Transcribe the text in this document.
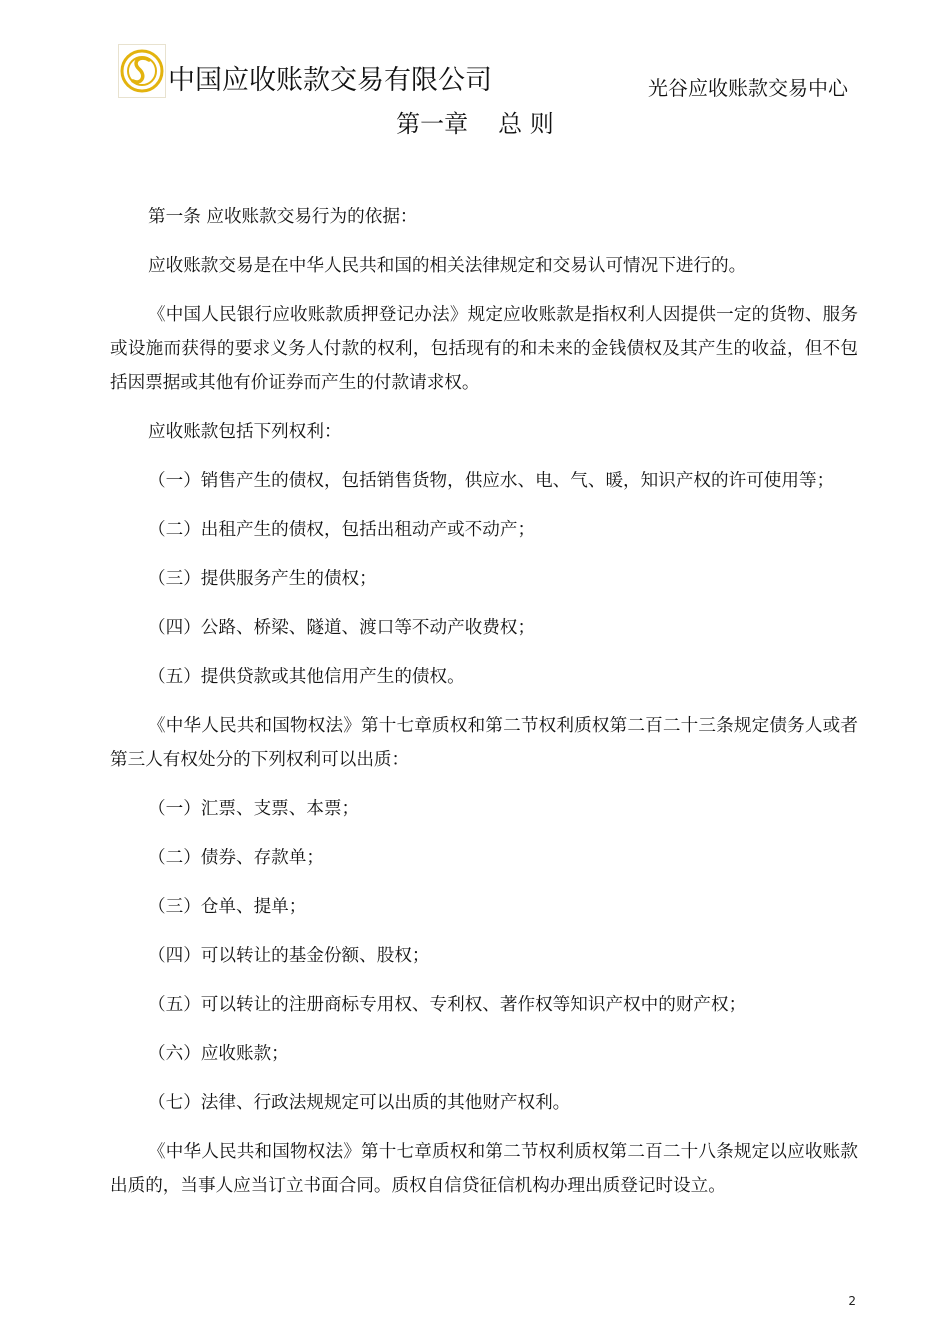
中国应收账款交易有限公司	光谷应收账款交易中心
第一章 总 则

第一条 应收账款交易行为的依据：

应收账款交易是在中华人民共和国的相关法律规定和交易认可情况下进行的。

《中国人民银行应收账款质押登记办法》规定应收账款是指权利人因提供一定的货物、服务或设施而获得的要求义务人付款的权利，包括现有的和未来的金钱债权及其产生的收益，但不包括因票据或其他有价证券而产生的付款请求权。

应收账款包括下列权利：

（一）销售产生的债权，包括销售货物，供应水、电、气、暖，知识产权的许可使用等；

（二）出租产生的债权，包括出租动产或不动产；

（三）提供服务产生的债权；

（四）公路、桥梁、隧道、渡口等不动产收费权；

（五）提供贷款或其他信用产生的债权。

《中华人民共和国物权法》第十七章质权和第二节权利质权第二百二十三条规定债务人或者第三人有权处分的下列权利可以出质：

（一）汇票、支票、本票；

（二）债券、存款单；

（三）仓单、提单；

（四）可以转让的基金份额、股权；

（五）可以转让的注册商标专用权、专利权、著作权等知识产权中的财产权；

（六）应收账款；

（七）法律、行政法规规定可以出质的其他财产权利。

《中华人民共和国物权法》第十七章质权和第二节权利质权第二百二十八条规定以应收账款出质的，当事人应当订立书面合同。质权自信贷征信机构办理出质登记时设立。

2
